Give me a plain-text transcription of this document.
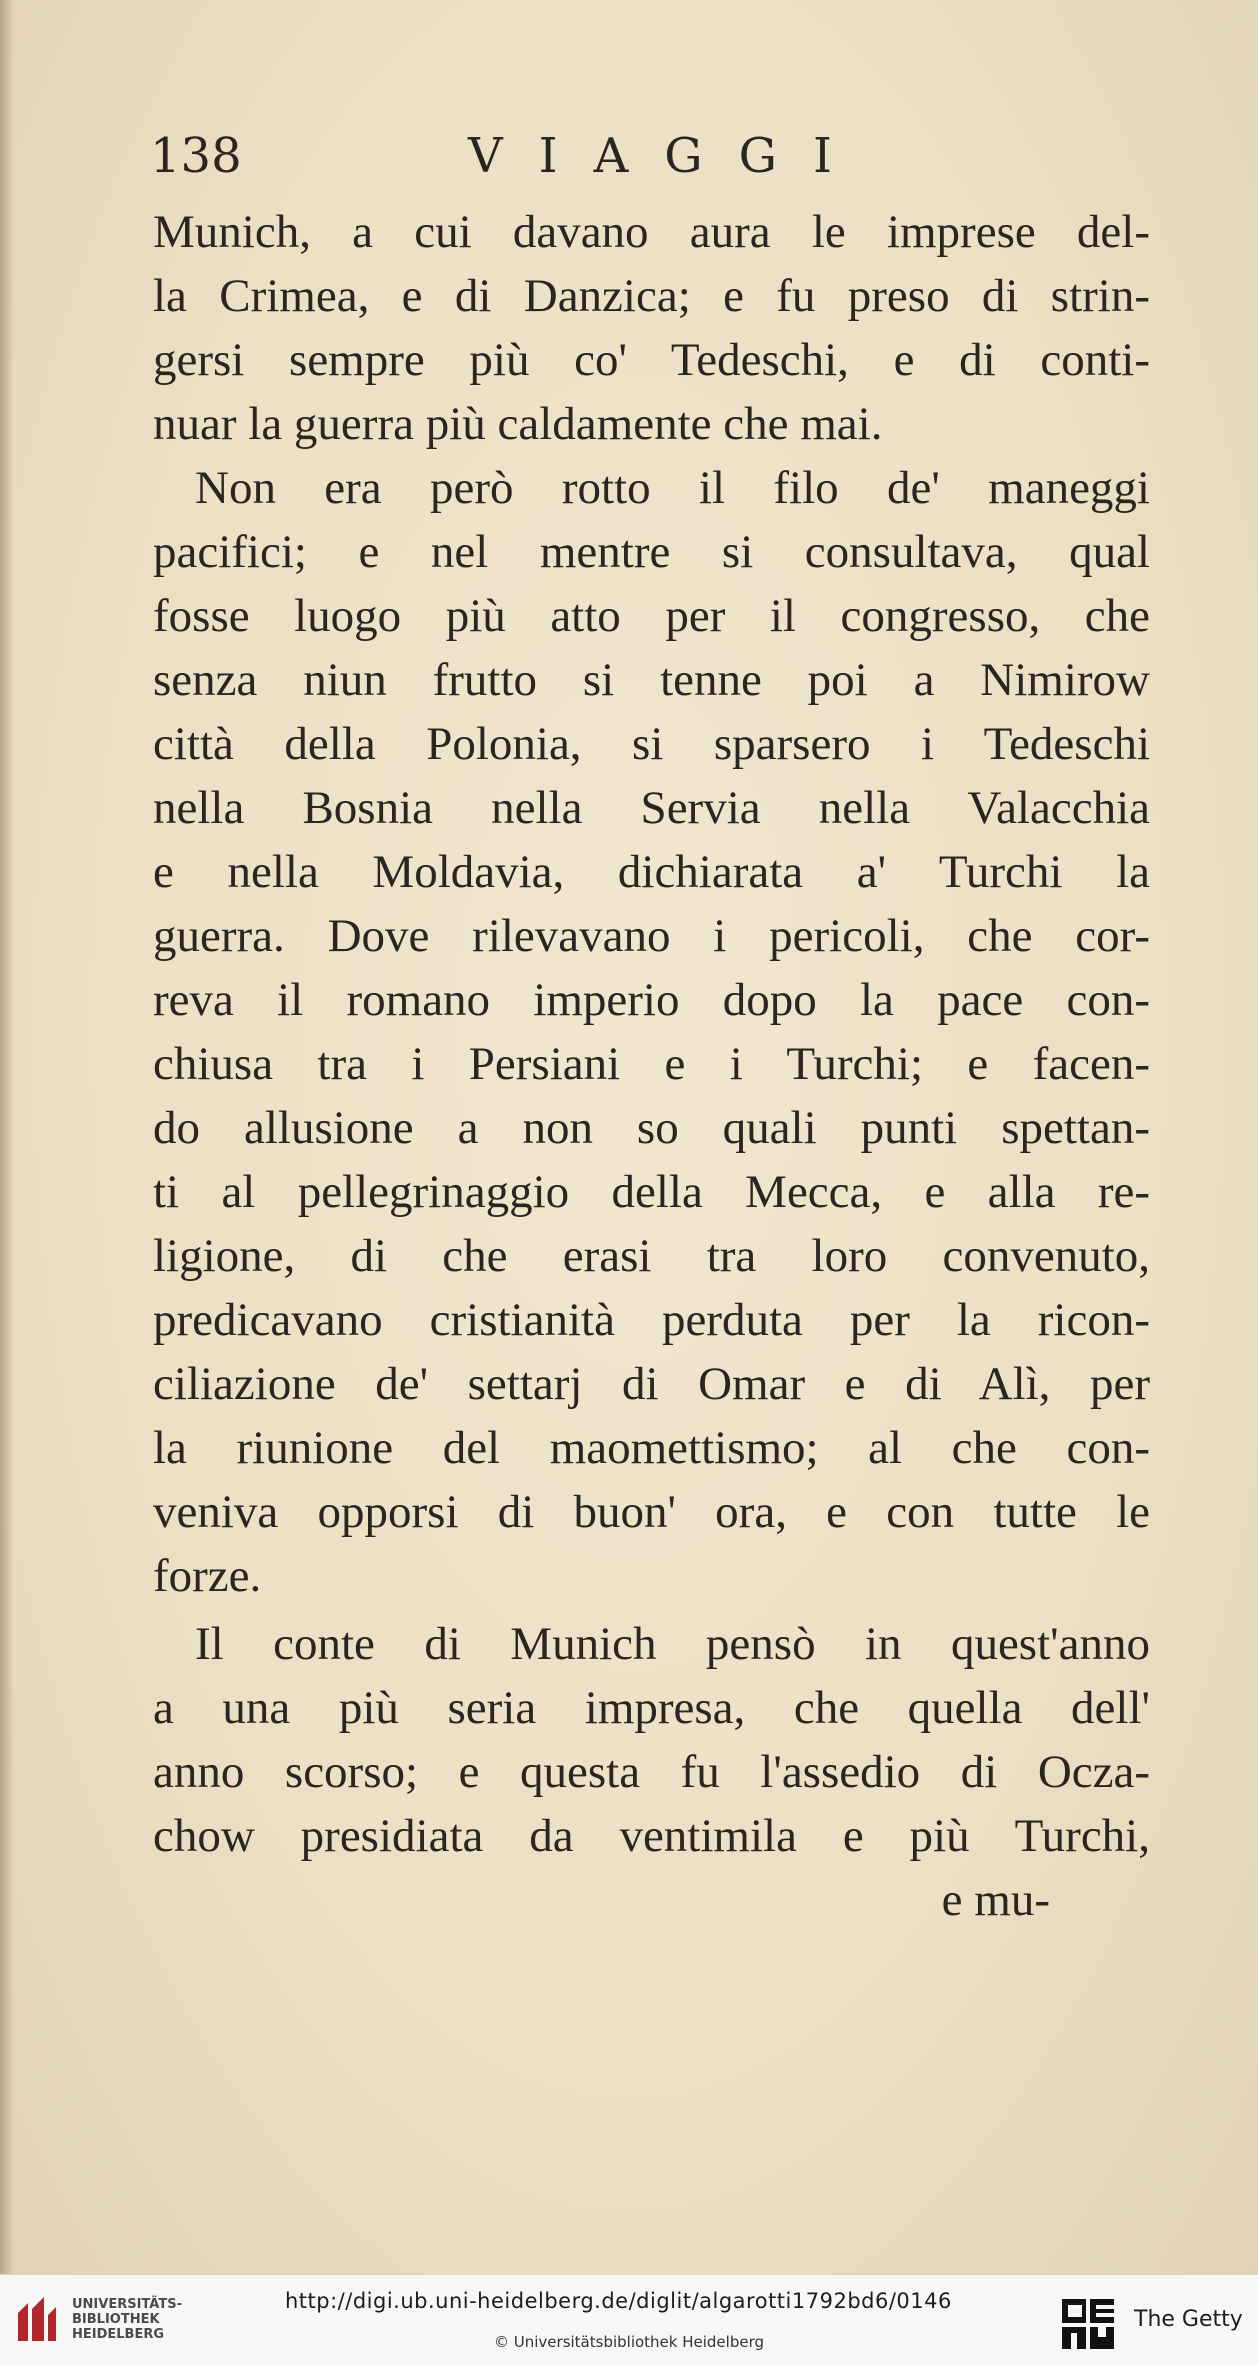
138	VIAGGI
Munich, a cui davano aura le imprese del-
la Crimea, e di Danzica; e fu preso di strin-
gersi sempre più co' Tedeschi, e di conti-
nuar la guerra più caldamente che mai.
Non era però rotto il filo de' maneggi
pacifici; e nel mentre si consultava, qual
fosse luogo più atto per il congresso, che
senza niun frutto si tenne poi a Nimirow
città della Polonia, si sparsero i Tedeschi
nella Bosnia nella Servia nella Valacchia
e nella Moldavia, dichiarata a' Turchi la
guerra. Dove rilevavano i pericoli, che cor-
reva il romano imperio dopo la pace con-
chiusa tra i Persiani e i Turchi; e facen-
do allusione a non so quali punti spettan-
ti al pellegrinaggio della Mecca, e alla re-
ligione, di che erasi tra loro convenuto,
predicavano cristianità perduta per la ricon-
ciliazione de' settarj di Omar e di Alì, per
la riunione del maomettismo; al che con-
veniva opporsi di buon' ora, e con tutte le
forze.
Il conte di Munich pensò in quest'anno
a una più seria impresa, che quella dell'
anno scorso; e questa fu l'assedio di Ocza-
chow presidiata da ventimila e più Turchi,
e mu-
UNIVERSITÄTS-
BIBLIOTHEK
HEIDELBERG
http://digi.ub.uni-heidelberg.de/diglit/algarotti1792bd6/0146
© Universitätsbibliothek Heidelberg
The Getty
